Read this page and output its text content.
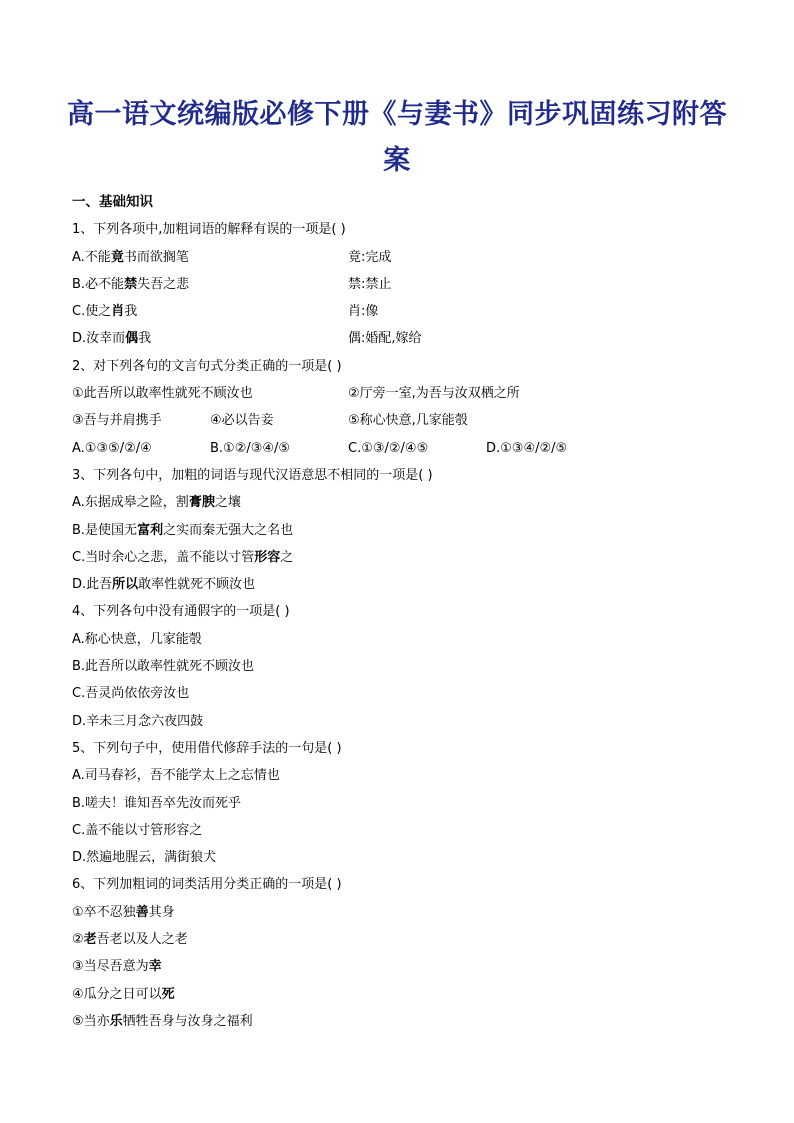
高一语文统编版必修下册《与妻书》同步巩固练习附答案
一、基础知识
1、下列各项中,加粗词语的解释有误的一项是( )
A.不能竟书而欲搁笔	竟:完成
B.必不能禁失吾之悲	禁:禁止
C.使之肖我	肖:像
D.汝幸而偶我	偶:婚配,嫁给
2、对下列各句的文言句式分类正确的一项是( )
①此吾所以敢率性就死不顾汝也	②厅旁一室,为吾与汝双栖之所
③吾与并肩携手	④必以告妾	⑤称心快意,几家能彀
A.①③⑤/②/④	B.①②/③④/⑤	C.①③/②/④⑤	D.①③④/②/⑤
3、下列各句中，加粗的词语与现代汉语意思不相同的一项是( )
A.东据成皋之险，割膏腴之壤
B.是使国无富利之实而秦无强大之名也
C.当时余心之悲，盖不能以寸管形容之
D.此吾所以敢率性就死不顾汝也
4、下列各句中没有通假字的一项是( )
A.称心快意，几家能彀
B.此吾所以敢率性就死不顾汝也
C.吾灵尚依依旁汝也
D.辛未三月念六夜四鼓
5、下列句子中，使用借代修辞手法的一句是( )
A.司马春衫，吾不能学太上之忘情也
B.嗟夫！谁知吾卒先汝而死乎
C.盖不能以寸管形容之
D.然遍地腥云，满街狼犬
6、下列加粗词的词类活用分类正确的一项是( )
①卒不忍独善其身
②老吾老以及人之老
③当尽吾意为幸
④瓜分之日可以死
⑤当亦乐牺牲吾身与汝身之福利
